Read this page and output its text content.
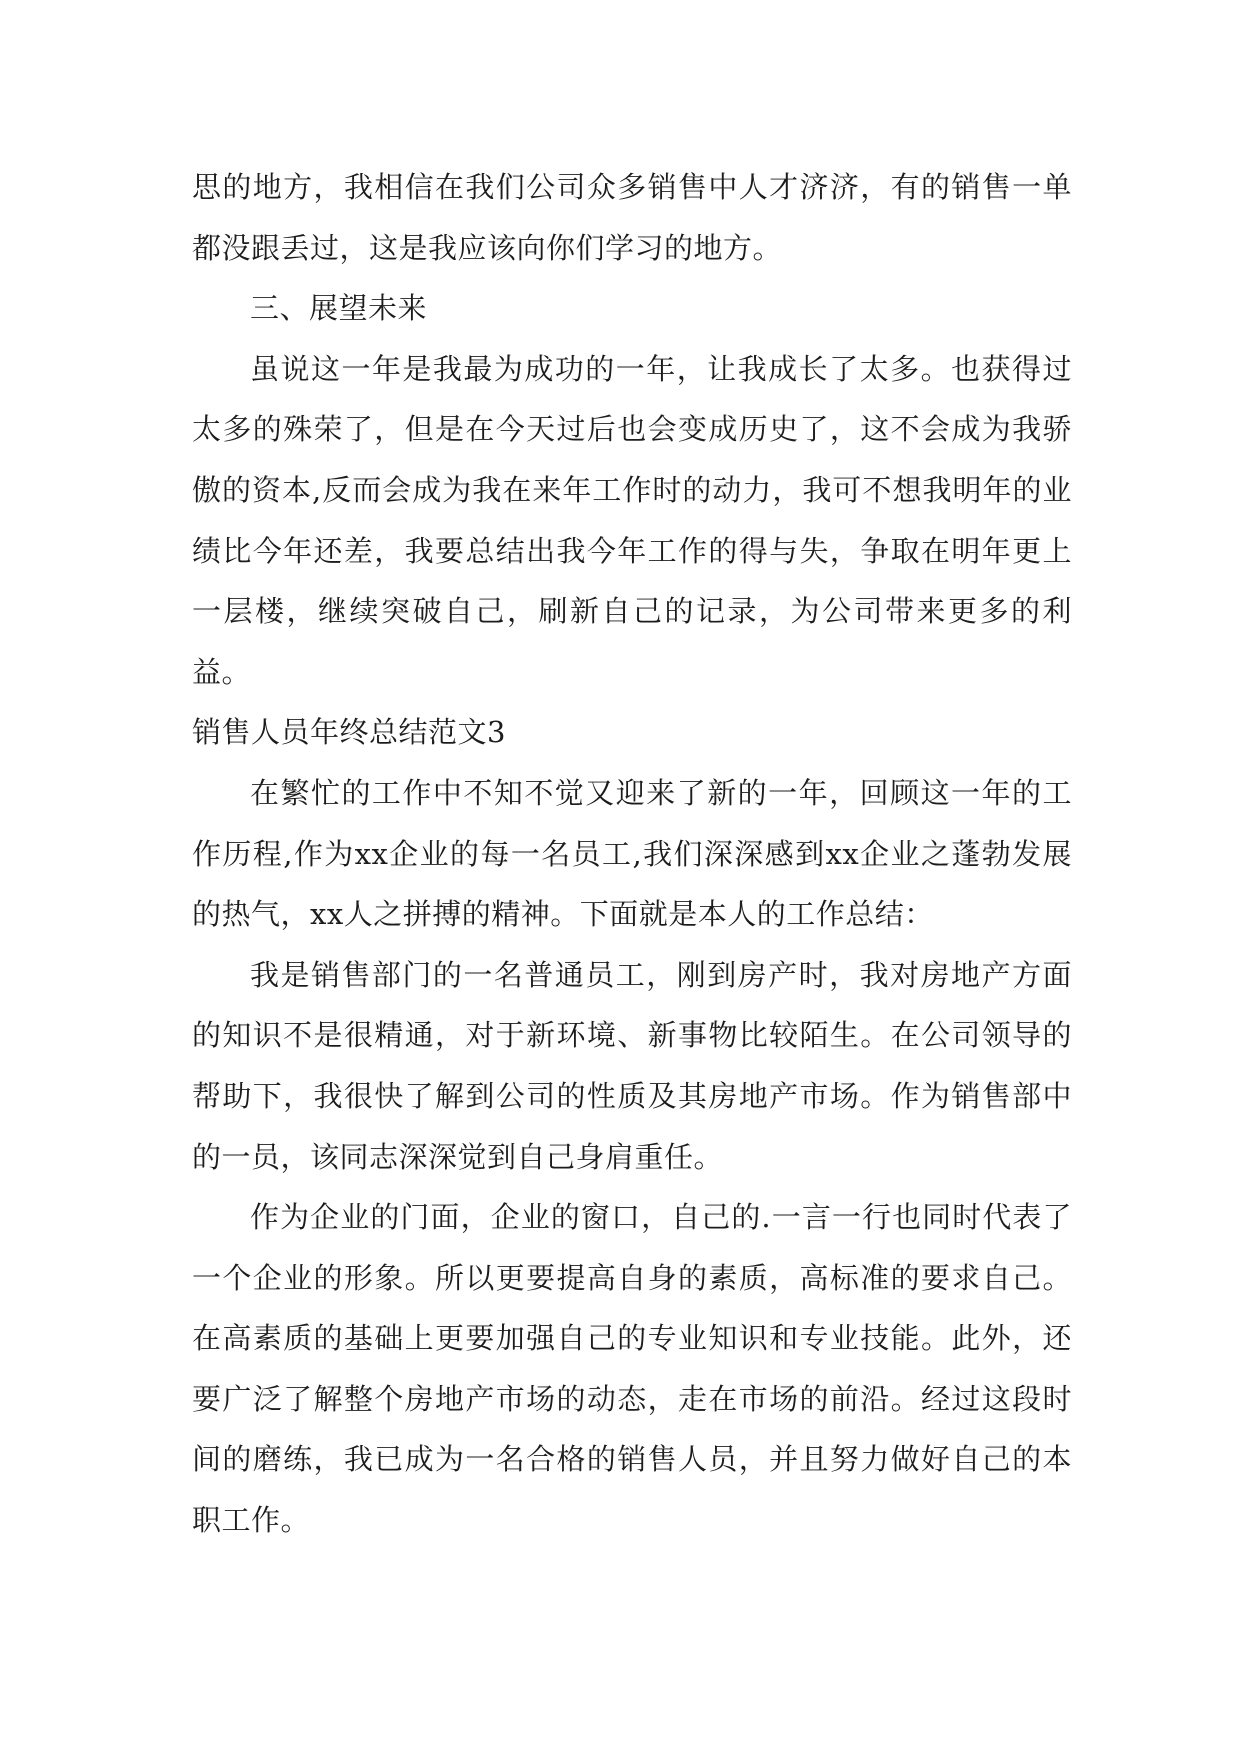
思的地方，我相信在我们公司众多销售中人才济济，有的销售一单都没跟丢过，这是我应该向你们学习的地方。

三、展望未来

虽说这一年是我最为成功的一年，让我成长了太多。也获得过太多的殊荣了，但是在今天过后也会变成历史了，这不会成为我骄傲的资本,反而会成为我在来年工作时的动力，我可不想我明年的业绩比今年还差，我要总结出我今年工作的得与失，争取在明年更上一层楼，继续突破自己，刷新自己的记录，为公司带来更多的利益。

销售人员年终总结范文3

在繁忙的工作中不知不觉又迎来了新的一年，回顾这一年的工作历程,作为xx企业的每一名员工,我们深深感到xx企业之蓬勃发展的热气，xx人之拼搏的精神。下面就是本人的工作总结：

我是销售部门的一名普通员工，刚到房产时，我对房地产方面的知识不是很精通，对于新环境、新事物比较陌生。在公司领导的帮助下，我很快了解到公司的性质及其房地产市场。作为销售部中的一员，该同志深深觉到自己身肩重任。

作为企业的门面，企业的窗口，自己的.一言一行也同时代表了一个企业的形象。所以更要提高自身的素质，高标准的要求自己。在高素质的基础上更要加强自己的专业知识和专业技能。此外，还要广泛了解整个房地产市场的动态，走在市场的前沿。经过这段时间的磨练，我已成为一名合格的销售人员，并且努力做好自己的本职工作。
